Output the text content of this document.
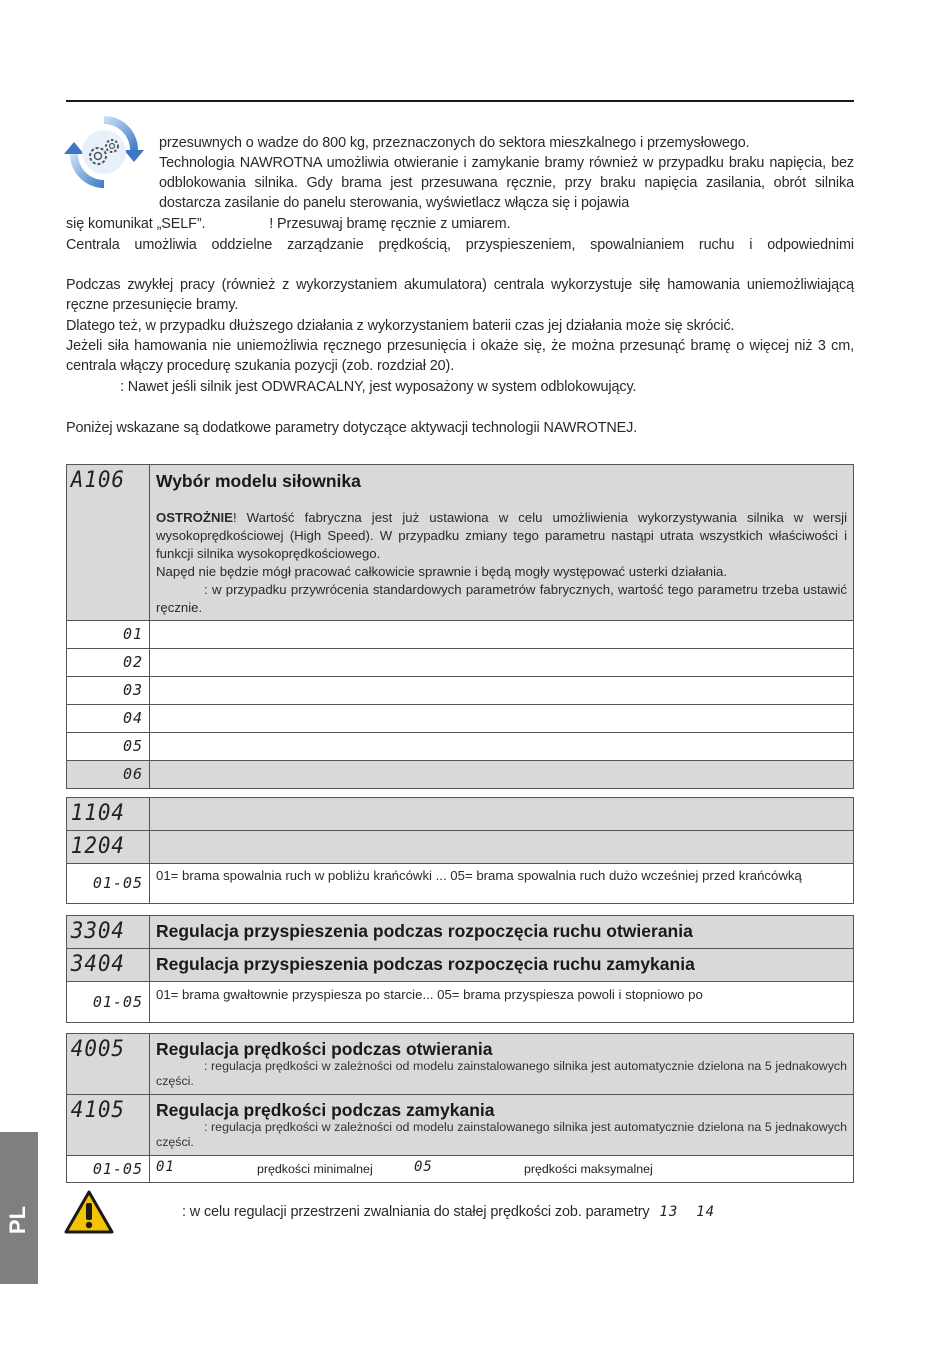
przesuwnych o wadze do 800 kg, przeznaczonych do sektora mieszkalnego i przemysłowego.
Technologia NAWROTNA umożliwia otwieranie i zamykanie bramy również w przypadku braku napięcia, bez odblokowania silnika. Gdy brama jest przesuwana ręcznie, przy braku napięcia zasilania, obrót silnika dostarcza zasilanie do panelu sterowania, wyświetlacz włącza się i pojawia
się komunikat „SELF”.	! Przesuwaj bramę ręcznie z umiarem.
Centrala umożliwia oddzielne zarządzanie prędkością, przyspieszeniem, spowalnianiem ruchu i odpowiednimi
Podczas zwykłej pracy (również z wykorzystaniem akumulatora) centrala wykorzystuje siłę hamowania uniemożliwiającą ręczne przesunięcie bramy.
Dlatego też, w przypadku dłuższego działania z wykorzystaniem baterii czas jej działania może się skrócić.
Jeżeli siła hamowania nie uniemożliwia ręcznego przesunięcia i okaże się, że można przesunąć bramę o więcej niż 3 cm, centrala włączy procedurę szukania pozycji (zob. rozdział 20).
: Nawet jeśli silnik jest ODWRACALNY, jest wyposażony w system odblokowujący.
Poniżej wskazane są dodatkowe parametry dotyczące aktywacji technologii NAWROTNEJ.
A106	Wybór modelu siłownika
OSTROŻNIE! Wartość fabryczna jest już ustawiona w celu umożliwienia wykorzystywania silnika w wersji wysokoprędkościowej (High Speed). W przypadku zmiany tego parametru nastąpi utrata wszystkich właściwości i funkcji silnika wysokoprędkościowego.
Napęd nie będzie mógł pracować całkowicie sprawnie i będą mogły występować usterki działania.
: w przypadku przywrócenia standardowych parametrów fabrycznych, wartość tego parametru trzeba ustawić ręcznie.

01	

02	

03	

04	

05	

06	

1104	

1204	

01-05	01= brama spowalnia ruch w pobliżu krańcówki ... 05= brama spowalnia ruch dużo wcześniej przed krańcówką
3304	Regulacja przyspieszenia podczas rozpoczęcia ruchu otwierania

3404	Regulacja przyspieszenia podczas rozpoczęcia ruchu zamykania

01-05	01= brama gwałtownie przyspiesza po starcie... 05= brama przyspiesza powoli i stopniowo po
4005	Regulacja prędkości podczas otwierania
: regulacja prędkości w zależności od modelu zainstalowanego silnika jest automatycznie dzielona na 5 jednakowych części.

4105	Regulacja prędkości podczas zamykania
: regulacja prędkości w zależności od modelu zainstalowanego silnika jest automatycznie dzielona na 5 jednakowych części.

01-05	01 prędkości minimalnej 05 prędkości maksymalnej
: w celu regulacji przestrzeni zwalniania do stałej prędkości zob. parametry 13 14
PL
